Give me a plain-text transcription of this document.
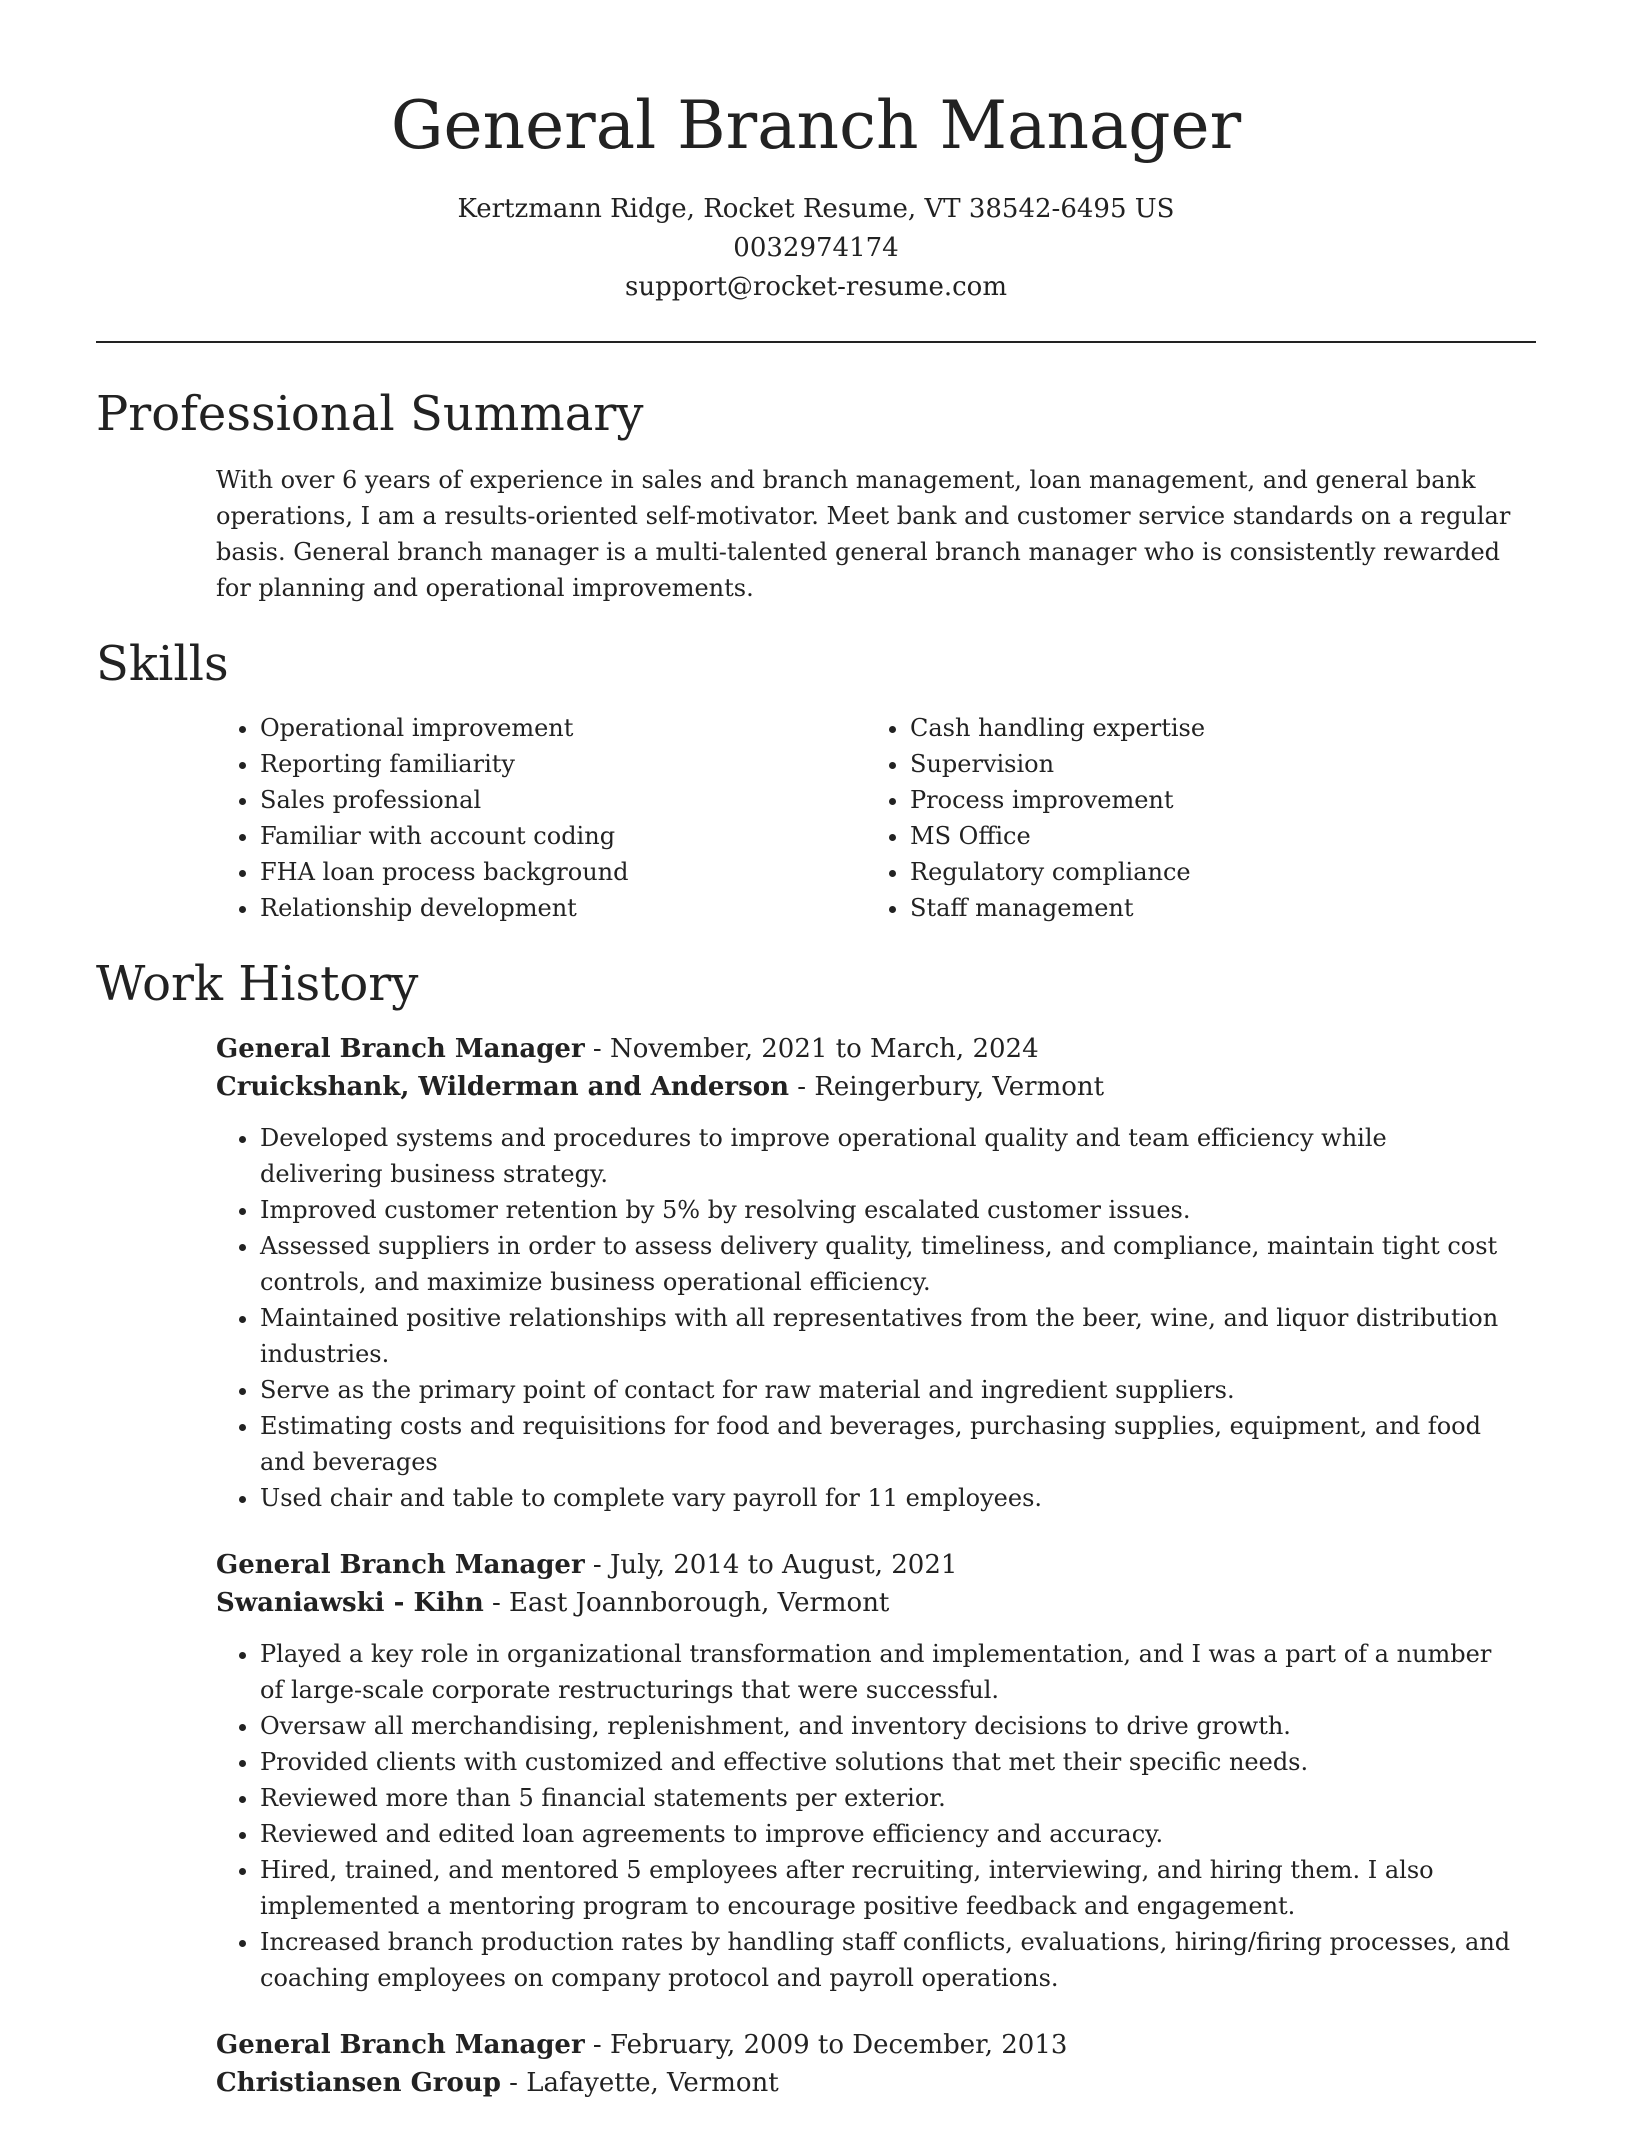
General Branch Manager
Kertzmann Ridge, Rocket Resume, VT 38542-6495 US
0032974174
support@rocket-resume.com
Professional Summary

With over 6 years of experience in sales and branch management, loan management, and general bank operations, I am a results-oriented self-motivator. Meet bank and customer service standards on a regular basis. General branch manager is a multi-talented general branch manager who is consistently rewarded for planning and operational improvements.

Skills
• Operational improvement
• Reporting familiarity
• Sales professional
• Familiar with account coding
• FHA loan process background
• Relationship development
• Cash handling expertise
• Supervision
• Process improvement
• MS Office
• Regulatory compliance
• Staff management
Work History

General Branch Manager - November, 2021 to March, 2024

Cruickshank, Wilderman and Anderson - Reingerbury, Vermont

• Developed systems and procedures to improve operational quality and team efficiency while delivering business strategy.
• Improved customer retention by 5% by resolving escalated customer issues.
• Assessed suppliers in order to assess delivery quality, timeliness, and compliance, maintain tight cost controls, and maximize business operational efficiency.
• Maintained positive relationships with all representatives from the beer, wine, and liquor distribution industries.
• Serve as the primary point of contact for raw material and ingredient suppliers.
• Estimating costs and requisitions for food and beverages, purchasing supplies, equipment, and food and beverages
• Used chair and table to complete vary payroll for 11 employees.

General Branch Manager - July, 2014 to August, 2021

Swaniawski - Kihn - East Joannborough, Vermont

• Played a key role in organizational transformation and implementation, and I was a part of a number of large-scale corporate restructurings that were successful.
• Oversaw all merchandising, replenishment, and inventory decisions to drive growth.
• Provided clients with customized and effective solutions that met their specific needs.
• Reviewed more than 5 financial statements per exterior.
• Reviewed and edited loan agreements to improve efficiency and accuracy.
• Hired, trained, and mentored 5 employees after recruiting, interviewing, and hiring them. I also implemented a mentoring program to encourage positive feedback and engagement.
• Increased branch production rates by handling staff conflicts, evaluations, hiring/firing processes, and coaching employees on company protocol and payroll operations.

General Branch Manager - February, 2009 to December, 2013

Christiansen Group - Lafayette, Vermont
